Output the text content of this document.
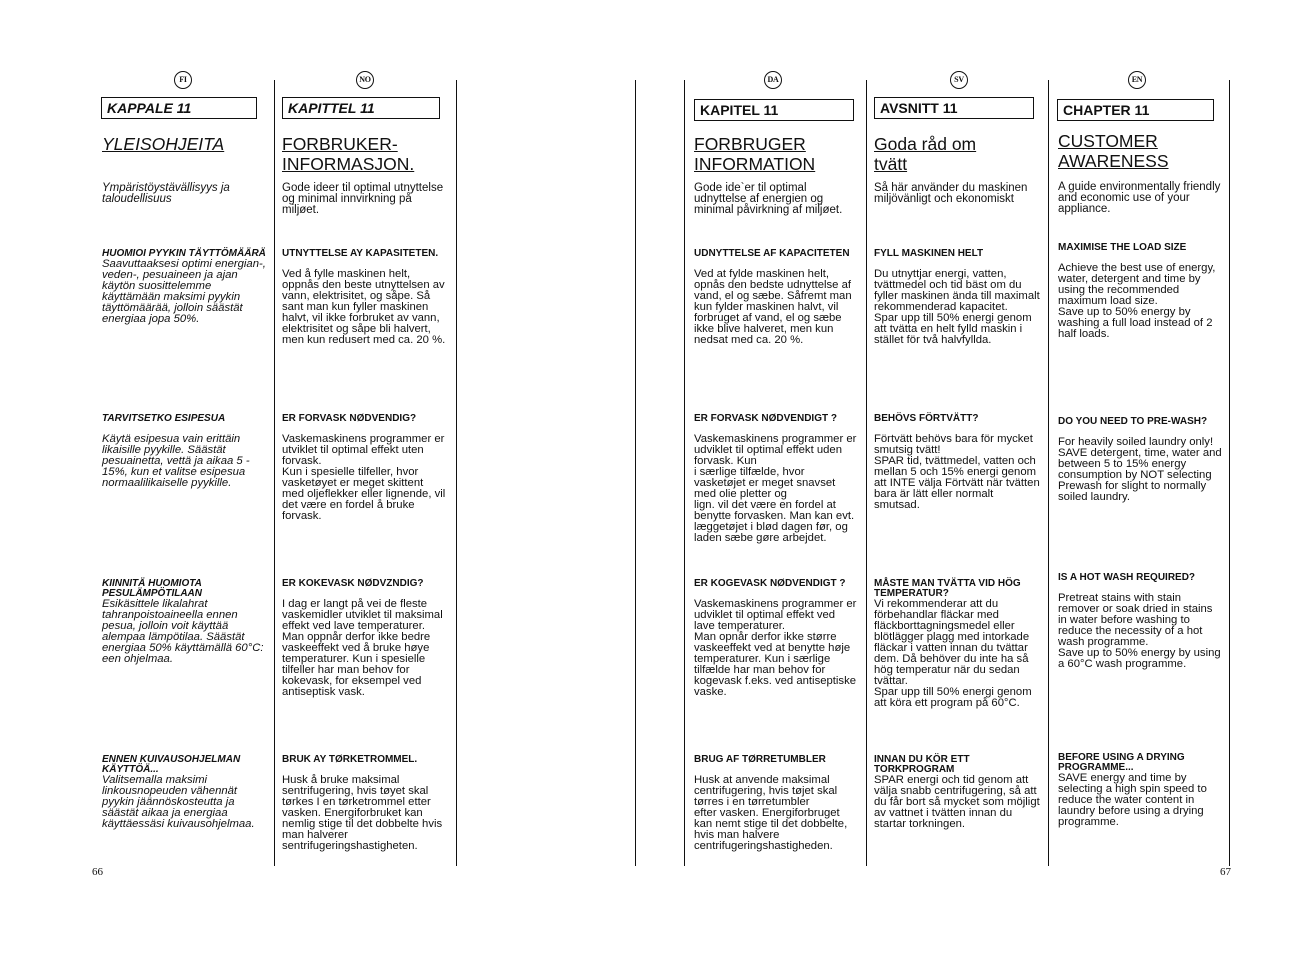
FI
KAPPALE 11
YLEISOHJEITA
Ympäristöystävällisyys ja taloudellisuus
HUOMIOI PYYKIN TÄYTTÖMÄÄRÄ
Saavuttaaksesi optimi energian-, veden-, pesuaineen ja ajan käytön suosittelemme käyttämään maksimi pyykin täyttömäärää, jolloin säästät energiaa jopa 50%.
TARVITSETKO ESIPESUA
Käytä esipesua vain erittäin likaisille pyykille. Säästät pesuainetta, vettä ja aikaa 5 - 15%, kun et valitse esipesua normaalilikaiselle pyykille.
KIINNITÄ HUOMIOTA PESULÄMPÖTILAAN
Esikäsittele likalahrat tahranpoistoaineella ennen pesua, jolloin voit käyttää alempaa lämpötilaa. Säästät energiaa 50% käyttämällä 60°C: een ohjelmaa.
ENNEN KUIVAUSOHJELMAN KÄYTTÖÄ...
Valitsemalla maksimi linkousnopeuden vähennät pyykin jäännöskosteutta ja säästät aikaa ja energiaa käyttäessäsi kuivausohjelmaa.
NO
KAPITTEL 11
FORBRUKER- INFORMASJON.
Gode ideer til optimal utnyttelse og minimal innvirkning på miljøet.
UTNYTTELSE AY KAPASITETEN.
Ved å fylle maskinen helt, oppnås den beste utnyttelsen av vann, elektrisitet, og såpe. Så sant man kun fyller maskinen halvt, vil ikke forbruket av vann, elektrisitet og såpe bli halvert, men kun redusert med ca. 20 %.
ER FORVASK NØDVENDIG?
Vaskemaskinens programmer er utviklet til optimal effekt uten forvask.
Kun i spesielle tilfeller, hvor vasketøyet er meget skittent med oljeflekker eller lignende, vil det være en fordel å bruke forvask.
ER KOKEVASK NØDVZNDIG?
I dag er langt på vei de fleste vaskemidler utviklet til maksimal effekt ved lave temperaturer. Man oppnår derfor ikke bedre vaskeeffekt ved å bruke høye temperaturer. Kun i spesielle tilfeller har man behov for kokevask, for eksempel ved antiseptisk vask.
BRUK AY TØRKETROMMEL.
Husk å bruke maksimal sentrifugering, hvis tøyet skal tørkes I en tørketrommel etter vasken. Energiforbruket kan nemlig stige til det dobbelte hvis man halverer sentrifugeringshastigheten.
DA
KAPITEL 11
FORBRUGER INFORMATION
Gode ide`er til optimal udnyttelse af energien og minimal påvirkning af miljøet.
UDNYTTELSE AF KAPACITETEN
Ved at fylde maskinen helt, opnås den bedste udnyttelse af vand, el og sæbe. Såfremt man kun fylder maskinen halvt, vil forbruget af vand, el og sæbe ikke blive halveret, men kun nedsat med ca. 20 %.
ER FORVASK NØDVENDIGT ?
Vaskemaskinens programmer er udviklet til optimal effekt uden forvask. Kun
i særlige tilfælde, hvor vasketøjet er meget snavset med olie pletter og
lign. vil det være en fordel at benytte forvasken. Man kan evt. læggetøjet i blød dagen før, og laden sæbe gøre arbejdet.
ER KOGEVASK NØDVENDIGT ?
Vaskemaskinens programmer er udviklet til optimal effekt ved lave temperaturer.
Man opnår derfor ikke større vaskeeffekt ved at benytte høje temperaturer. Kun i særlige tilfælde har man behov for kogevask f.eks. ved antiseptiske vaske.
BRUG AF TØRRETUMBLER
Husk at anvende maksimal centrifugering, hvis tøjet skal tørres i en tørretumbler
efter vasken. Energiforbruget kan nemt stige til det dobbelte, hvis man halvere centrifugeringshastigheden.
SV
AVSNITT 11
Goda råd om tvätt
Så här använder du maskinen miljövänligt och ekonomiskt
FYLL MASKINEN HELT
Du utnyttjar energi, vatten, tvättmedel och tid bäst om du fyller maskinen ända till maximalt rekommenderad kapacitet.
Spar upp till 50% energi genom att tvätta en helt fylld maskin i stället för två halvfyllda.
BEHÖVS FÖRTVÄTT?
Förtvätt behövs bara för mycket smutsig tvätt!
SPAR tid, tvättmedel, vatten och mellan 5 och 15% energi genom att INTE välja Förtvätt när tvätten bara är lätt eller normalt smutsad.
MÅSTE MAN TVÄTTA VID HÖG TEMPERATUR?
Vi rekommenderar att du förbehandlar fläckar med fläckborttagningsmedel eller blötlägger plagg med intorkade fläckar i vatten innan du tvättar dem. Då behöver du inte ha så hög temperatur när du sedan tvättar.
Spar upp till 50% energi genom att köra ett program på 60°C.
INNAN DU KÖR ETT TORKPROGRAM
SPAR energi och tid genom att välja snabb centrifugering, så att du får bort så mycket som möjligt av vattnet i tvätten innan du startar torkningen.
EN
CHAPTER 11
CUSTOMER AWARENESS
A guide environmentally friendly and economic use of your appliance.
MAXIMISE THE LOAD SIZE
Achieve the best use of energy, water, detergent and time by using the recommended maximum load size.
Save up to 50% energy by washing a full load instead of 2 half loads.
DO YOU NEED TO PRE-WASH?
For heavily soiled laundry only!
SAVE detergent, time, water and between 5 to 15% energy consumption by NOT selecting Prewash for slight to normally soiled laundry.
IS A HOT WASH REQUIRED?
Pretreat stains with stain remover or soak dried in stains in water before washing to reduce the necessity of a hot wash programme.
Save up to 50% energy by using a 60°C wash programme.
BEFORE USING A DRYING PROGRAMME...
SAVE energy and time by selecting a high spin speed to reduce the water content in laundry before using a drying programme.
66	67
